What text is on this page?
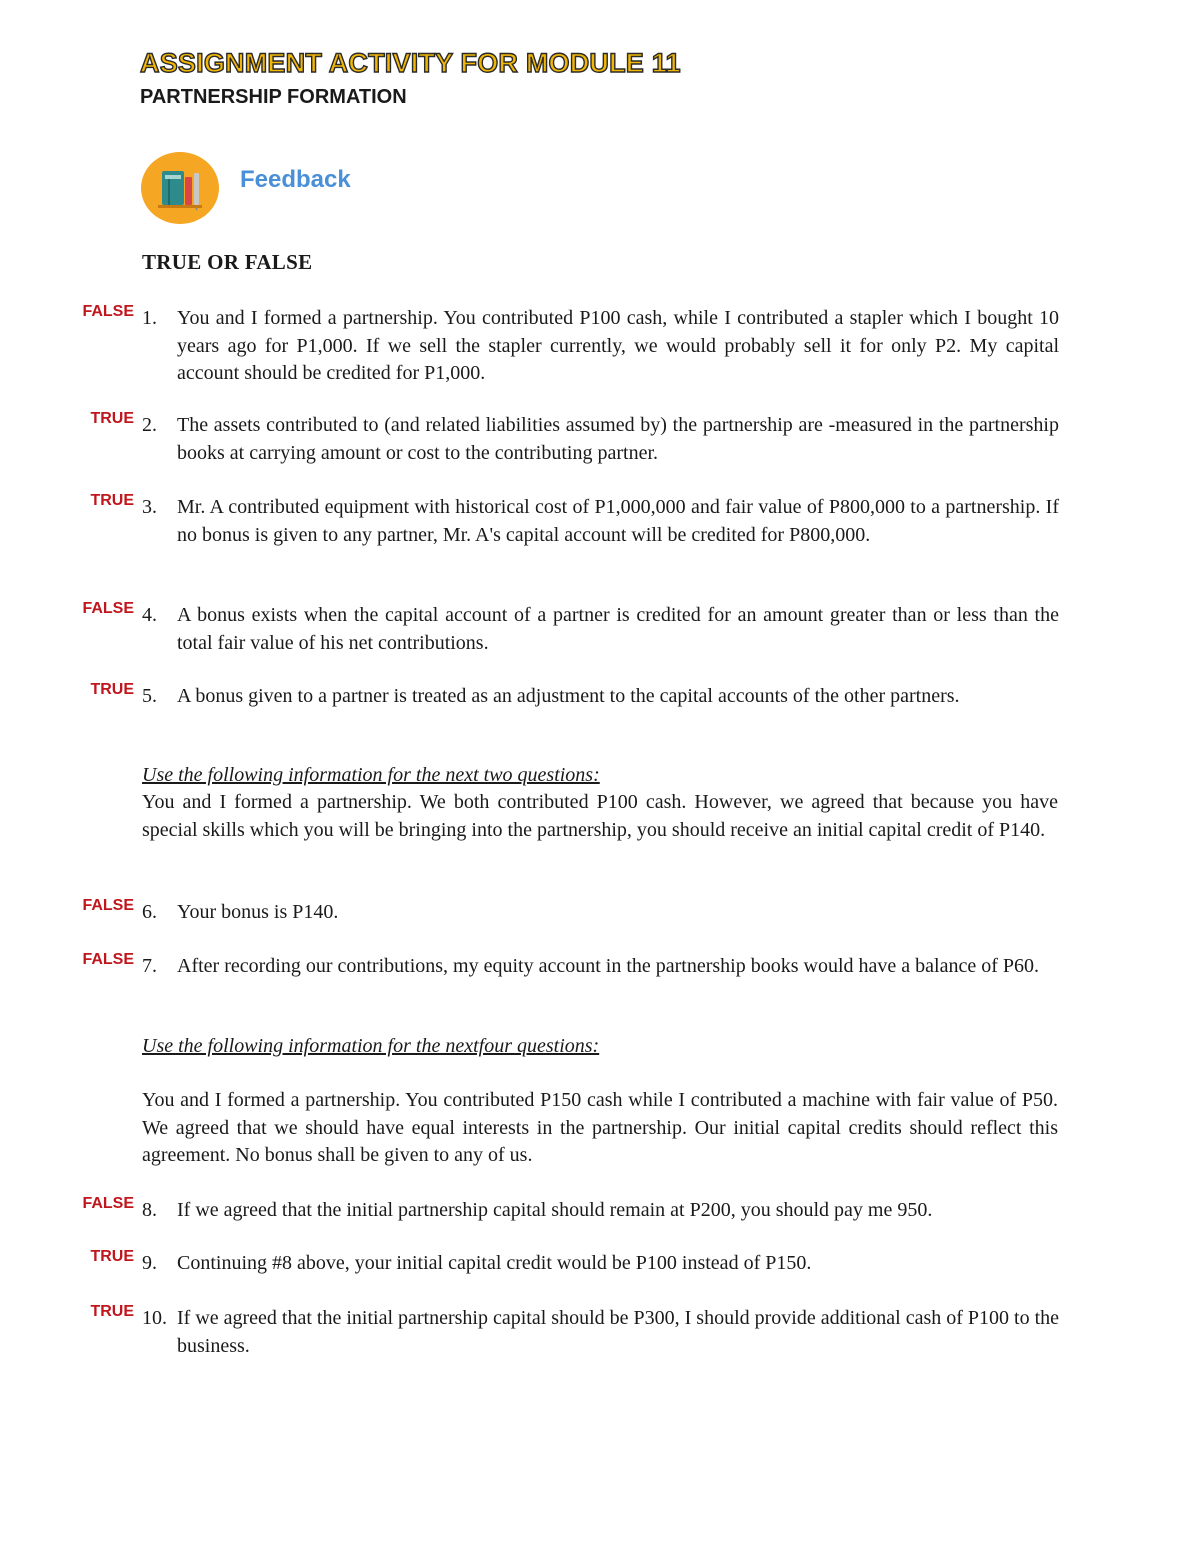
ASSIGNMENT ACTIVITY FOR MODULE 11
PARTNERSHIP FORMATION
Feedback
TRUE OR FALSE
FALSE 1. You and I formed a partnership. You contributed P100 cash, while I contributed a stapler which I bought 10 years ago for P1,000. If we sell the stapler currently, we would probably sell it for only P2. My capital account should be credited for P1,000.
TRUE 2. The assets contributed to (and related liabilities assumed by) the partnership are -measured in the partnership books at carrying amount or cost to the contributing partner.
TRUE 3. Mr. A contributed equipment with historical cost of P1,000,000 and fair value of P800,000 to a partnership. If no bonus is given to any partner, Mr. A's capital account will be credited for P800,000.
FALSE 4. A bonus exists when the capital account of a partner is credited for an amount greater than or less than the total fair value of his net contributions.
TRUE 5. A bonus given to a partner is treated as an adjustment to the capital accounts of the other partners.
Use the following information for the next two questions:
You and I formed a partnership. We both contributed P100 cash. However, we agreed that because you have special skills which you will be bringing into the partnership, you should receive an initial capital credit of P140.
FALSE 6. Your bonus is P140.
FALSE 7. After recording our contributions, my equity account in the partnership books would have a balance of P60.
Use the following information for the nextfour questions:
You and I formed a partnership. You contributed P150 cash while I contributed a machine with fair value of P50. We agreed that we should have equal interests in the partnership. Our initial capital credits should reflect this agreement. No bonus shall be given to any of us.
FALSE 8. If we agreed that the initial partnership capital should remain at P200, you should pay me 950.
TRUE 9. Continuing #8 above, your initial capital credit would be P100 instead of P150.
TRUE 10. If we agreed that the initial partnership capital should be P300, I should provide additional cash of P100 to the business.
